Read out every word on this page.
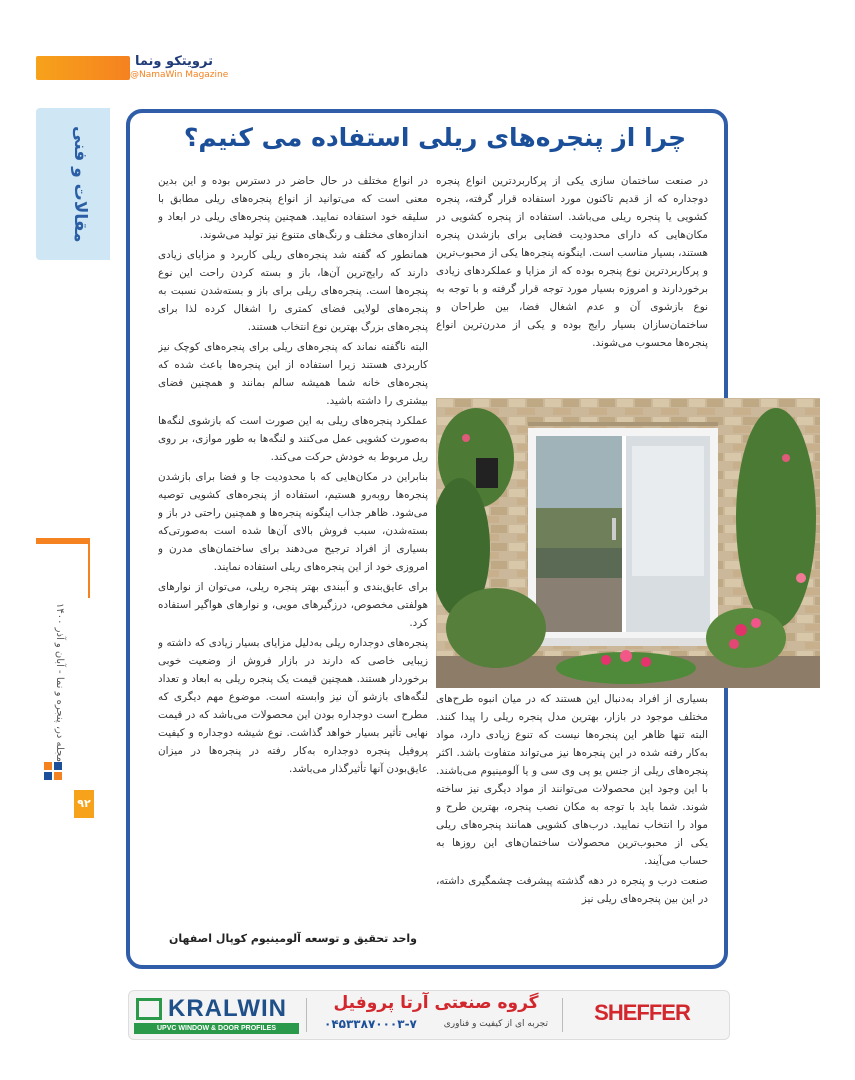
ترویتکو ونما
@NamaWin Magazine
مقالات و فنی
مجله در، پنجره و نما - آبان و آذر ۱۴۰۰
۹۲
چرا از پنجره‌های ریلی استفاده می کنیم؟

در صنعت ساختمان سازی یکی از پرکاربردترین انواع پنجره دوجداره که از قدیم تاکنون مورد استفاده قرار گرفته، پنجره کشویی یا پنجره ریلی می‌باشد. استفاده از پنجره کشویی در مکان‌هایی که دارای محدودیت فضایی برای بازشدن پنجره هستند، بسیار مناسب است. اینگونه پنجره‌ها یکی از محبوب‌ترین و پرکاربردترین نوع پنجره بوده که از مزایا و عملکردهای زیادی برخوردارند و امروزه بسیار مورد توجه قرار گرفته و با توجه به نوع بازشوی آن و عدم اشغال فضا، بین طراحان و ساختمان‌سازان بسیار رایج بوده و یکی از مدرن‌ترین انواع پنجره‌ها محسوب می‌شوند.

بسیاری از افراد به‌دنبال این هستند که در میان انبوه طرح‌های مختلف موجود در بازار، بهترین مدل پنجره ریلی را پیدا کنند. البته تنها ظاهر این پنجره‌ها نیست که تنوع زیادی دارد، مواد به‌کار رفته شده در این پنجره‌ها نیز می‌تواند متفاوت باشد. اکثر پنجره‌های ریلی از جنس یو پی وی سی و یا آلومینیوم می‌باشند. با این وجود این محصولات می‌توانند از مواد دیگری نیز ساخته شوند. شما باید با توجه به مکان نصب پنجره، بهترین طرح و مواد را انتخاب نمایید. درب‌های کشویی همانند پنجره‌های ریلی یکی از محبوب‌ترین محصولات ساختمان‌های این روزها به حساب می‌آیند.

صنعت درب و پنجره در دهه گذشته پیشرفت چشمگیری داشته، در این بین پنجره‌های ریلی نیز

در انواع مختلف در حال حاضر در دسترس بوده و این بدین معنی است که می‌توانید از انواع پنجره‌های ریلی مطابق با سلیقه خود استفاده نمایید. همچنین پنجره‌های ریلی در ابعاد و اندازه‌های مختلف و رنگ‌های متنوع نیز تولید می‌شوند.

همانطور که گفته شد پنجره‌های ریلی کاربرد و مزایای زیادی دارند که رایج‌ترین آن‌ها، باز و بسته کردن راحت این نوع پنجره‌ها است. پنجره‌های ریلی برای باز و بسته‌شدن نسبت به پنجره‌های لولایی فضای کمتری را اشغال کرده لذا برای پنجره‌های بزرگ بهترین نوع انتخاب هستند.

البته ناگفته نماند که پنجره‌های ریلی برای پنجره‌های کوچک نیز کاربردی هستند زیرا استفاده از این پنجره‌ها باعث شده که پنجره‌های خانه شما همیشه سالم بمانند و همچنین فضای بیشتری را داشته باشید.

عملکرد پنجره‌های ریلی به این صورت است که بازشوی لنگه‌ها به‌صورت کشویی عمل می‌کنند و لنگه‌ها به طور موازی، بر روی ریل مربوط به خودش حرکت می‌کند.

بنابراین در مکان‌هایی که با محدودیت جا و فضا برای بازشدن پنجره‌ها روبه‌رو هستیم، استفاده از پنجره‌های کشویی توصیه می‌شود. ظاهر جذاب اینگونه پنجره‌ها و همچنین راحتی در باز و بسته‌شدن، سبب فروش بالای آن‌ها شده است به‌صورتی‌که بسیاری از افراد ترجیح می‌دهند برای ساختمان‌های مدرن و امروزی خود از این پنجره‌های ریلی استفاده نمایند.

برای عایق‌بندی و آببندی بهتر پنجره ریلی، می‌توان از نوارهای هولفتی مخصوص، درزگیرهای مویی، و نوارهای هواگیر استفاده کرد.

پنجره‌های دوجداره ریلی به‌دلیل مزایای بسیار زیادی که داشته و زیبایی خاصی که دارند در بازار فروش از وضعیت خوبی برخوردار هستند. همچنین قیمت یک پنجره ریلی به ابعاد و تعداد لنگه‌های بازشو آن نیز وابسته است. موضوع مهم دیگری که مطرح است دوجداره بودن این محصولات می‌باشد که در قیمت نهایی تأثیر بسیار خواهد گذاشت. نوع شیشه دوجداره و کیفیت پروفیل پنجره دوجداره به‌کار رفته در پنجره‌ها در میزان عایق‌بودن آنها تأثیرگذار می‌باشد.

واحد تحقیق و توسعه آلومینیوم کوپال اصفهان
KRALWIN
UPVC WINDOW & DOOR PROFILES
گروه صنعتی آرتا پروفیل
تجربه ای از کیفیت و فناوری
۰۴۵۳۳۸۷۰۰۰۳-۷	SHEFFER
